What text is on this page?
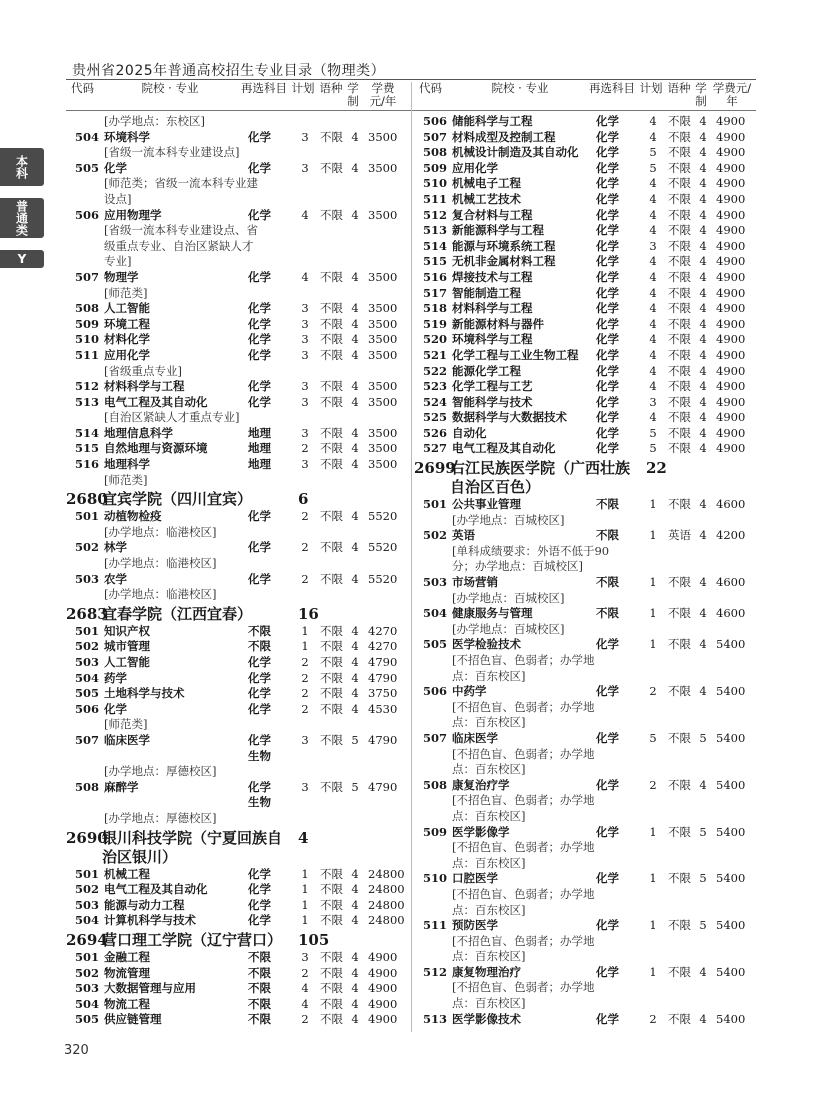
贵州省2025年普通高校招生专业目录（物理类）
代码	院校 · 专业	再选科目 计划 语种 学制
学费元/年
代码	院校 · 专业	再选科目 计划 语种 学制
学费元/年
本科
普通类
Y
[办学地点：东校区]
504 环境科学	化学	3 不限 4 3500
[省级一流本科专业建设点]
505 化学	化学	3 不限 4 3500
[师范类；省级一流本科专业建设点]
506 应用物理学	化学	4 不限 4 3500
[省级一流本科专业建设点、省级重点专业、自治区紧缺人才专业]
507 物理学	化学	4 不限 4 3500
[师范类]
508 人工智能	化学	3 不限 4 3500
509 环境工程	化学	3 不限 4 3500
510 材料化学	化学	3 不限 4 3500
511 应用化学	化学	3 不限 4 3500
[省级重点专业]
512 材料科学与工程	化学	3 不限 4 3500
513 电气工程及其自动化	化学	3 不限 4 3500
[自治区紧缺人才重点专业]
514 地理信息科学	地理	3 不限 4 3500
515 自然地理与资源环境	地理	2 不限 4 3500
516 地理科学	地理	3 不限 4 3500
[师范类]
2680宜宾学院（四川宜宾）	6
501 动植物检疫	化学	2 不限 4 5520
[办学地点：临港校区]
502 林学	化学	2 不限 4 5520
[办学地点：临港校区]
503 农学	化学	2 不限 4 5520
[办学地点：临港校区]
2683宜春学院（江西宜春）	16
501 知识产权	不限	1 不限 4 4270
502 城市管理	不限	1 不限 4 4270
503 人工智能	化学	2 不限 4 4790
504 药学	化学	2 不限 4 4790
505 土地科学与技术	化学	2 不限 4 3750
506 化学	化学	2 不限 4 4530
[师范类]
507 临床医学	化学	3 不限 5 4790
生物
[办学地点：厚德校区]
508 麻醉学	化学	3 不限 5 4790
生物
[办学地点：厚德校区]
2690银川科技学院（宁夏回族自治区银川）
4
501 机械工程	化学	1 不限 4 24800
502 电气工程及其自动化	化学	1 不限 4 24800
503 能源与动力工程	化学	1 不限 4 24800
504 计算机科学与技术	化学	1 不限 4 24800
2694营口理工学院（辽宁营口） 105
501 金融工程	不限	3 不限 4 4900
502 物流管理	不限	2 不限 4 4900
503 大数据管理与应用	不限	4 不限 4 4900
504 物流工程	不限	4 不限 4 4900
505 供应链管理	不限	2 不限 4 4900
506 储能科学与工程	化学	4 不限 4 4900
507 材料成型及控制工程	化学	4 不限 4 4900
508 机械设计制造及其自动化 化学	5 不限 4 4900
509 应用化学	化学	5 不限 4 4900
510 机械电子工程	化学	4 不限 4 4900
511 机械工艺技术	化学	4 不限 4 4900
512 复合材料与工程	化学	4 不限 4 4900
513 新能源科学与工程	化学	4 不限 4 4900
514 能源与环境系统工程	化学	3 不限 4 4900
515 无机非金属材料工程	化学	4 不限 4 4900
516 焊接技术与工程	化学	4 不限 4 4900
517 智能制造工程	化学	4 不限 4 4900
518 材料科学与工程	化学	4 不限 4 4900
519 新能源材料与器件	化学	4 不限 4 4900
520 环境科学与工程	化学	4 不限 4 4900
521 化学工程与工业生物工程 化学	4 不限 4 4900
522 能源化学工程	化学	4 不限 4 4900
523 化学工程与工艺	化学	4 不限 4 4900
524 智能科学与技术	化学	3 不限 4 4900
525 数据科学与大数据技术	化学	4 不限 4 4900
526 自动化	化学	5 不限 4 4900
527 电气工程及其自动化	化学	5 不限 4 4900
2699右江民族医学院（广西壮族自治区百色）
22
501 公共事业管理	不限	1 不限 4 4600
[办学地点：百城校区]
502 英语	不限	1 英语 4 4200
[单科成绩要求：外语不低于90分；办学地点：百城校区]
503 市场营销	不限	1 不限 4 4600
[办学地点：百城校区]
504 健康服务与管理	不限	1 不限 4 4600
[办学地点：百城校区]
505 医学检验技术	化学	1 不限 4 5400
[不招色盲、色弱者；办学地点：百东校区]
506 中药学	化学	2 不限 4 5400
[不招色盲、色弱者；办学地点：百东校区]
507 临床医学	化学	5 不限 5 5400
[不招色盲、色弱者；办学地点：百东校区]
508 康复治疗学	化学	2 不限 4 5400
[不招色盲、色弱者；办学地点：百东校区]
509 医学影像学	化学	1 不限 5 5400
[不招色盲、色弱者；办学地点：百东校区]
510 口腔医学	化学	1 不限 5 5400
[不招色盲、色弱者；办学地点：百东校区]
511 预防医学	化学	1 不限 5 5400
[不招色盲、色弱者；办学地点：百东校区]
512 康复物理治疗	化学	1 不限 4 5400
[不招色盲、色弱者；办学地点：百东校区]
513 医学影像技术	化学	2 不限 4 5400
320
